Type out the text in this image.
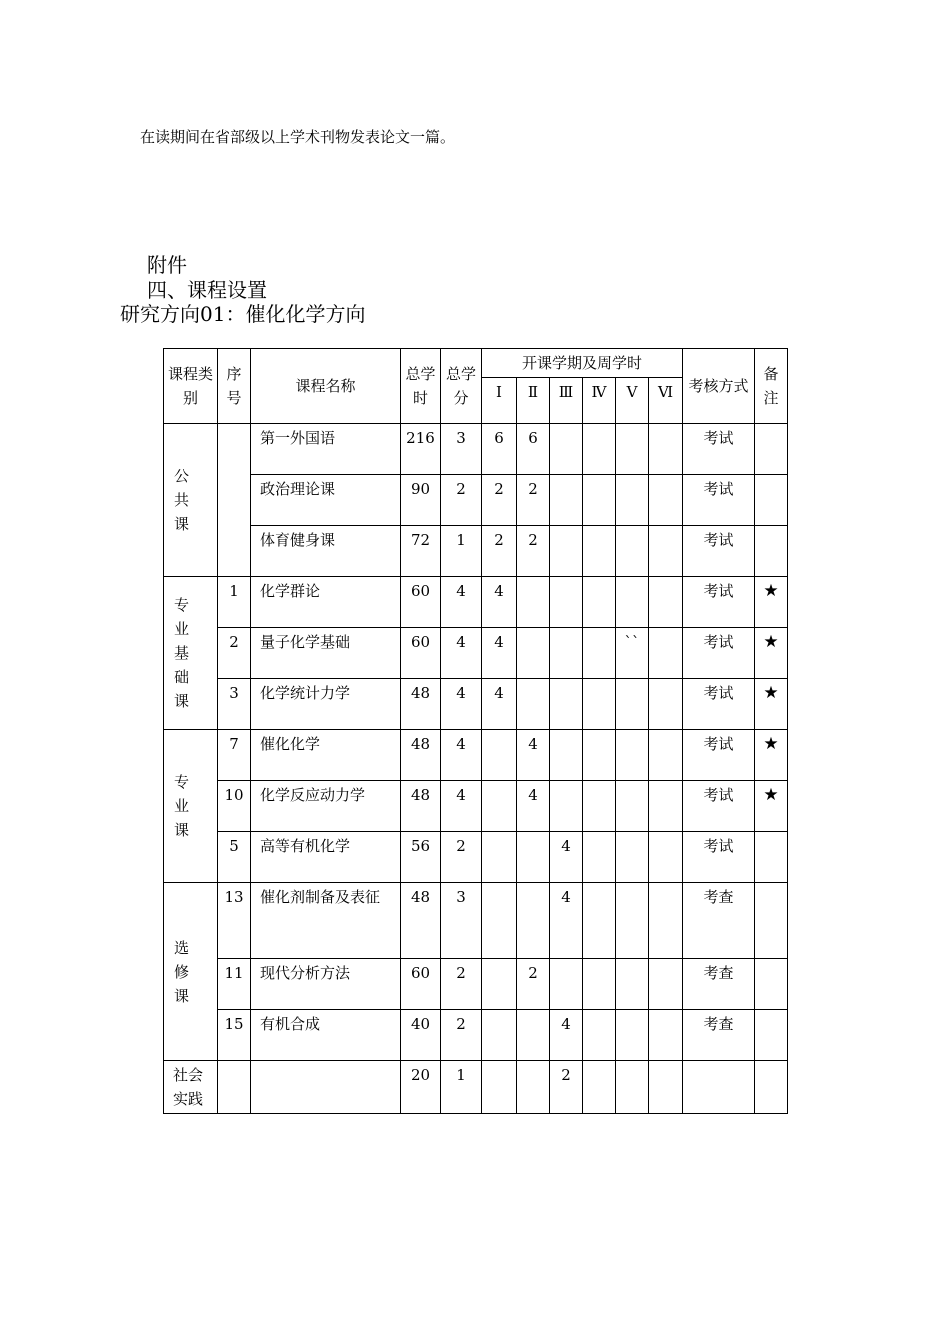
在读期间在省部级以上学术刊物发表论文一篇。
附件
四、课程设置
研究方向01：催化化学方向
课程类别	序号	课程名称	总学时	总学分	开课学期及周学时						考核方式	备注
					Ⅰ	Ⅱ	Ⅲ	Ⅳ	Ⅴ	Ⅵ		
公共课		第一外国语	216	3	6	6					考试	
		政治理论课	90	2	2	2					考试	
		体育健身课	72	1	2	2					考试	
专业基础课	1	化学群论	60	4	4						考试	★
	2	量子化学基础	60	4	4				``		考试	★
	3	化学统计力学	48	4	4						考试	★
专业课	7	催化化学	48	4		4					考试	★
	10	化学反应动力学	48	4		4					考试	★
	5	高等有机化学	56	2			4				考试	
选修课	13	催化剂制备及表征	48	3			4				考查	
	11	现代分析方法	60	2		2					考查	
	15	有机合成	40	2			4				考查	
社会实践			20	1			2					
